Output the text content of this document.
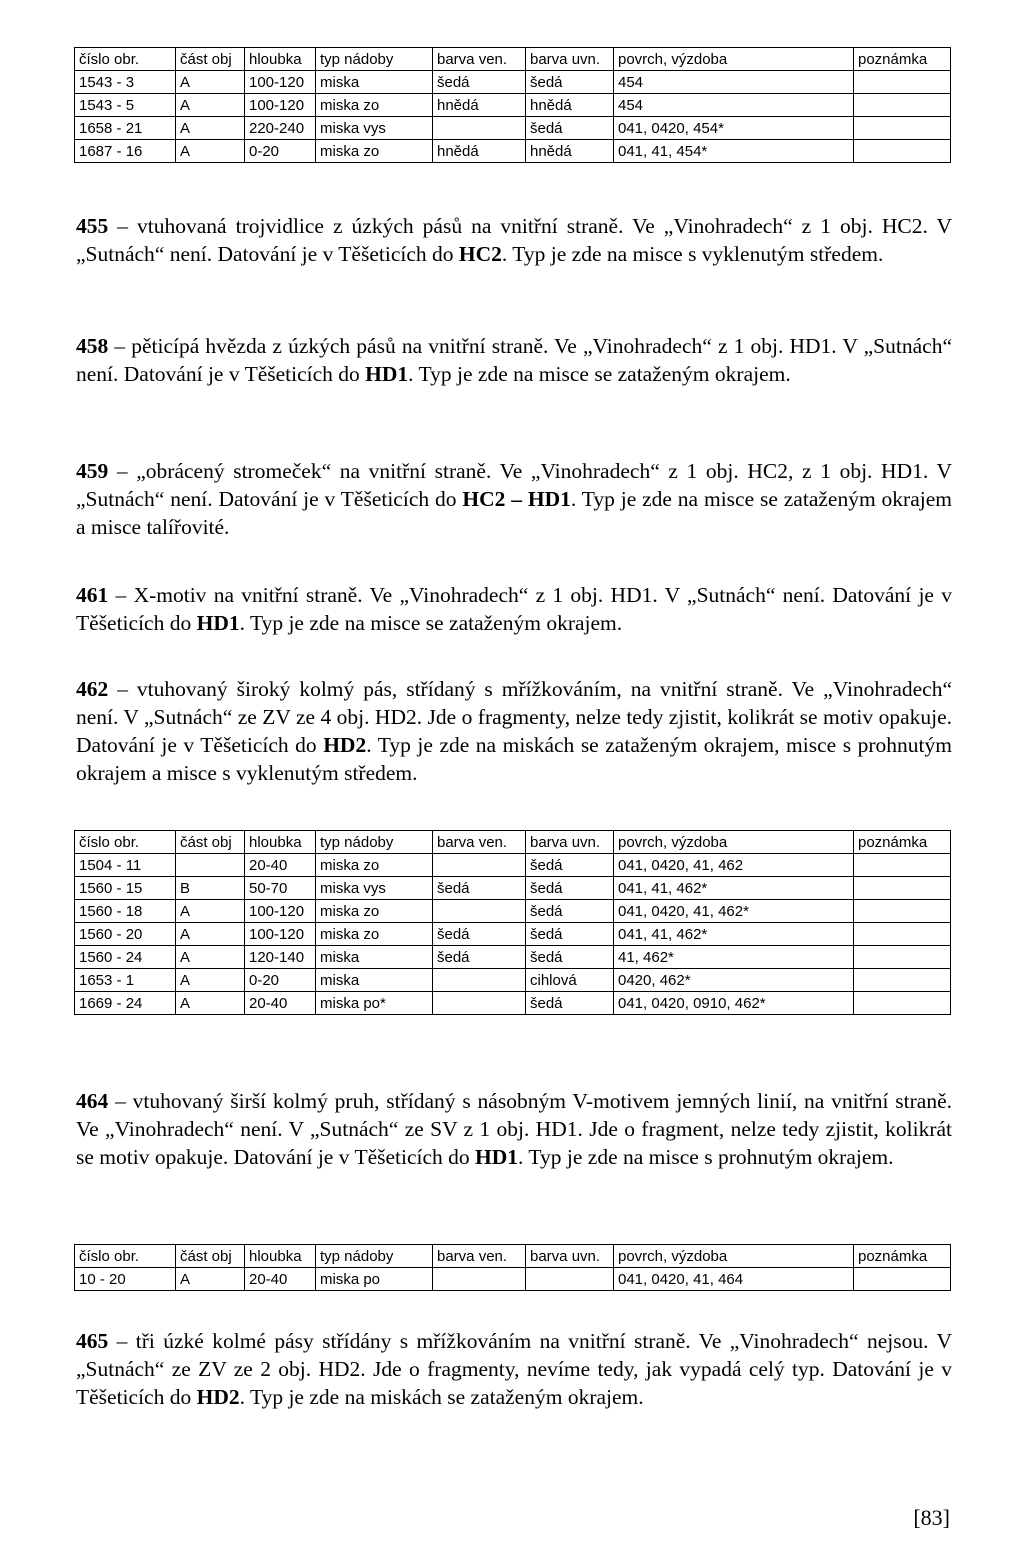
číslo obr.	část obj	hloubka	typ nádoby	barva ven.	barva uvn.	povrch, výzdoba	poznámka
1543 - 3	A	100-120	miska	šedá	šedá	454	
1543 - 5	A	100-120	miska zo	hnědá	hnědá	454	
1658 - 21	A	220-240	miska vys		šedá	041, 0420, 454*	
1687 - 16	A	0-20	miska zo	hnědá	hnědá	041, 41, 454*	

455 – vtuhovaná trojvidlice z úzkých pásů na vnitřní straně. Ve „Vinohradech“ z 1 obj. HC2. V „Sutnách“ není. Datování je v Těšeticích do HC2. Typ je zde na misce s vyklenutým středem.

458 – pěticípá hvězda z úzkých pásů na vnitřní straně. Ve „Vinohradech“ z 1 obj. HD1. V „Sutnách“ není. Datování je v Těšeticích do HD1. Typ je zde na misce se zataženým okrajem.

459 – „obrácený stromeček“ na vnitřní straně. Ve „Vinohradech“ z 1 obj. HC2, z 1 obj. HD1. V „Sutnách“ není. Datování je v Těšeticích do HC2 – HD1. Typ je zde na misce se zataženým okrajem a misce talířovité.

461 – X-motiv na vnitřní straně. Ve „Vinohradech“ z 1 obj. HD1. V „Sutnách“ není. Datování je v Těšeticích do HD1. Typ je zde na misce se zataženým okrajem.

462 – vtuhovaný široký kolmý pás, střídaný s mřížkováním, na vnitřní straně. Ve „Vinohradech“ není. V „Sutnách“ ze ZV ze 4 obj. HD2. Jde o fragmenty, nelze tedy zjistit, kolikrát se motiv opakuje. Datování je v Těšeticích do HD2. Typ je zde na miskách se zataženým okrajem, misce s prohnutým okrajem a misce s vyklenutým středem.

číslo obr.	část obj	hloubka	typ nádoby	barva ven.	barva uvn.	povrch, výzdoba	poznámka
1504 - 11		20-40	miska zo		šedá	041, 0420, 41, 462	
1560 - 15	B	50-70	miska vys	šedá	šedá	041, 41, 462*	
1560 - 18	A	100-120	miska zo		šedá	041, 0420, 41, 462*	
1560 - 20	A	100-120	miska zo	šedá	šedá	041, 41, 462*	
1560 - 24	A	120-140	miska	šedá	šedá	41, 462*	
1653 - 1	A	0-20	miska		cihlová	0420, 462*	
1669 - 24	A	20-40	miska po*		šedá	041, 0420, 0910, 462*	

464 – vtuhovaný širší kolmý pruh, střídaný s násobným V-motivem jemných linií, na vnitřní straně. Ve „Vinohradech“ není. V „Sutnách“ ze SV z 1 obj. HD1. Jde o fragment, nelze tedy zjistit, kolikrát se motiv opakuje. Datování je v Těšeticích do HD1. Typ je zde na misce s prohnutým okrajem.

číslo obr.	část obj	hloubka	typ nádoby	barva ven.	barva uvn.	povrch, výzdoba	poznámka
10 - 20	A	20-40	miska po			041, 0420, 41, 464	

465 – tři úzké kolmé pásy střídány s mřížkováním na vnitřní straně. Ve „Vinohradech“ nejsou. V „Sutnách“ ze ZV ze 2 obj. HD2. Jde o fragmenty, nevíme tedy, jak vypadá celý typ. Datování je v Těšeticích do HD2. Typ je zde na miskách se zataženým okrajem.

[83]
